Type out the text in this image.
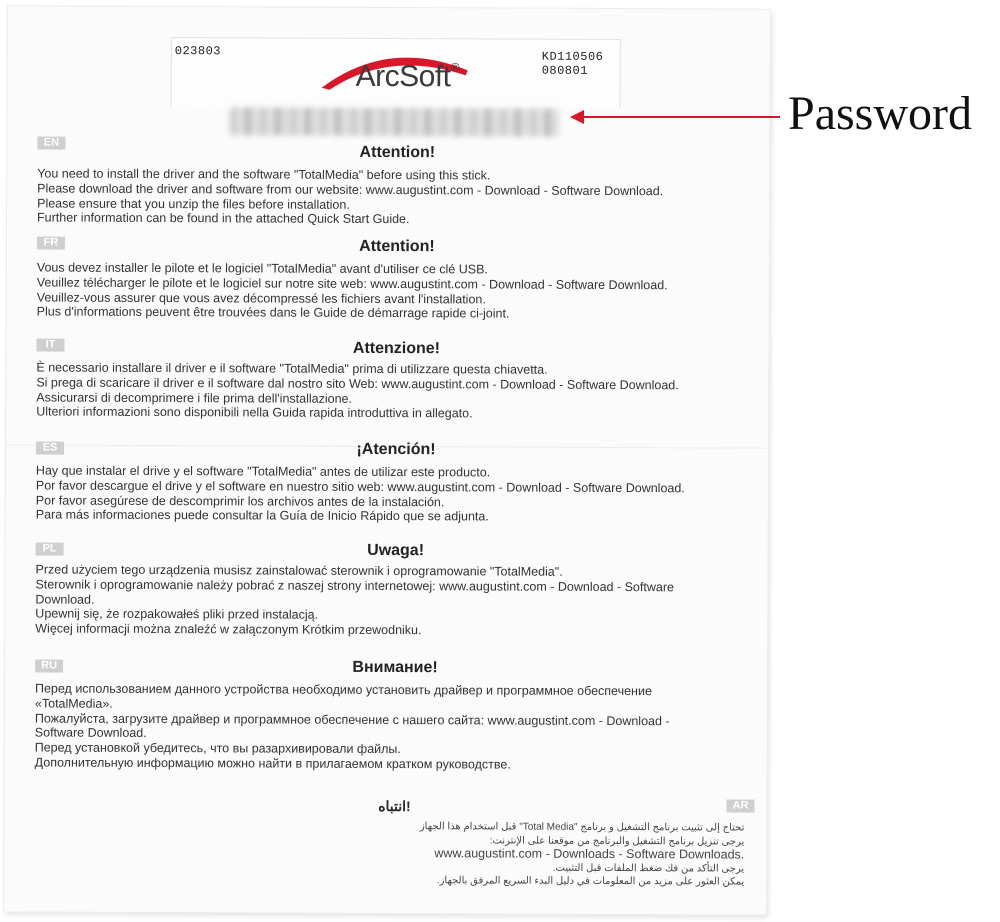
023803	KD110506
080801
ArcSoft®
EN
Attention!
You need to install the driver and the software "TotalMedia" before using this stick.
Please download the driver and software from our website: www.augustint.com - Download - Software Download.
Please ensure that you unzip the files before installation.
Further information can be found in the attached Quick Start Guide.
FR	Attention!
Vous devez installer le pilote et le logiciel "TotalMedia" avant d'utiliser ce clé USB.
Veuillez télécharger le pilote et le logiciel sur notre site web: www.augustint.com - Download - Software Download.
Veuillez-vous assurer que vous avez décompressé les fichiers avant l'installation.
Plus d'informations peuvent être trouvées dans le Guide de démarrage rapide ci-joint.
IT	Attenzione!
È necessario installare il driver e il software "TotalMedia" prima di utilizzare questa chiavetta.
Si prega di scaricare il driver e il software dal nostro sito Web: www.augustint.com - Download - Software Download.
Assicurarsi di decomprimere i file prima dell'installazione.
Ulteriori informazioni sono disponibili nella Guida rapida introduttiva in allegato.
ES	¡Atención!
Hay que instalar el drive y el software "TotalMedia" antes de utilizar este producto.
Por favor descargue el drive y el software en nuestro sitio web: www.augustint.com - Download - Software Download.
Por favor asegúrese de descomprimir los archivos antes de la instalación.
Para más informaciones puede consultar la Guía de Inicio Rápido que se adjunta.
PL	Uwaga!
Przed użyciem tego urządzenia musisz zainstalować sterownik i oprogramowanie "TotalMedia".
Sterownik i oprogramowanie należy pobrać z naszej strony internetowej: www.augustint.com - Download - Software
Download.
Upewnij się, że rozpakowałeś pliki przed instalacją.
Więcej informacji można znaleźć w załączonym Krótkim przewodniku.
RU	Внимание!
Перед использованием данного устройства необходимо установить драйвер и программное обеспечение
«TotalMedia».
Пожалуйста, загрузите драйвер и программное обеспечение с нашего сайта: www.augustint.com - Download -
Software Download.
Перед установкой убедитесь, что вы разархивировали файлы.
Дополнительную информацию можно найти в прилагаемом кратком руководстве.
AR
انتباه!
تحتاج إلى تثبيت برنامج التشغيل و برنامج "Total Media" قبل استخدام هذا الجهاز
يرجى تنزيل برنامج التشغيل والبرنامج من موقعنا على الإنترنت:
www.augustint.com - Downloads - Software Downloads.
يرجى التأكد من فك ضغط الملفات قبل التثبيت.
يمكن العثور على مزيد من المعلومات في دليل البدء السريع المرفق بالجهاز.
Password
